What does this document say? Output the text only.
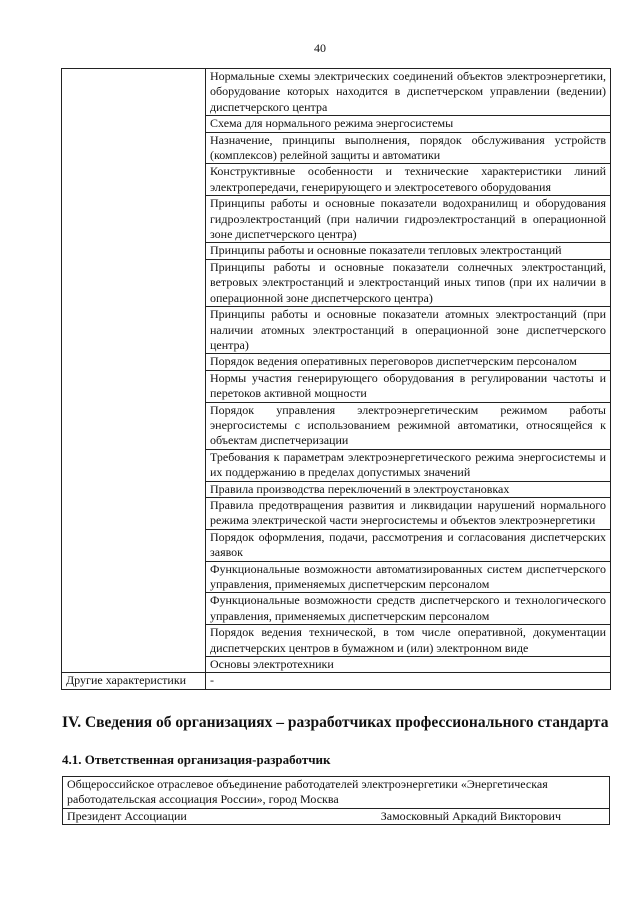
40
	Нормальные схемы электрических соединений объектов электроэнергетики, оборудование которых находится в диспетчерском управлении (ведении) диспетчерского центра
	Схема для нормального режима энергосистемы
	Назначение, принципы выполнения, порядок обслуживания устройств (комплексов) релейной защиты и автоматики
	Конструктивные особенности и технические характеристики линий электропередачи, генерирующего и электросетевого оборудования
	Принципы работы и основные показатели водохранилищ и оборудования гидроэлектростанций (при наличии гидроэлектростанций в операционной зоне диспетчерского центра)
	Принципы работы и основные показатели тепловых электростанций
	Принципы работы и основные показатели солнечных электростанций, ветровых электростанций и электростанций иных типов (при их наличии в операционной зоне диспетчерского центра)
	Принципы работы и основные показатели атомных электростанций (при наличии атомных электростанций в операционной зоне диспетчерского центра)
	Порядок ведения оперативных переговоров диспетчерским персоналом
	Нормы участия генерирующего оборудования в регулировании частоты и перетоков активной мощности
	Порядок управления электроэнергетическим режимом работы энергосистемы с использованием режимной автоматики, относящейся к объектам диспетчеризации
	Требования к параметрам электроэнергетического режима энергосистемы и их поддержанию в пределах допустимых значений
	Правила производства переключений в электроустановках
	Правила предотвращения развития и ликвидации нарушений нормального режима электрической части энергосистемы и объектов электроэнергетики
	Порядок оформления, подачи, рассмотрения и согласования диспетчерских заявок
	Функциональные возможности автоматизированных систем диспетчерского управления, применяемых диспетчерским персоналом
	Функциональные возможности средств диспетчерского и технологического управления, применяемых диспетчерским персоналом
	Порядок ведения технической, в том числе оперативной, документации диспетчерских центров в бумажном и (или) электронном виде
	Основы электротехники
Другие характеристики	-
IV. Сведения об организациях – разработчиках профессионального стандарта
4.1. Ответственная организация-разработчик
Общероссийское отраслевое объединение работодателей электроэнергетики «Энергетическая работодательская ассоциация России», город Москва

Президент Ассоциации	Замосковный Аркадий Викторович
